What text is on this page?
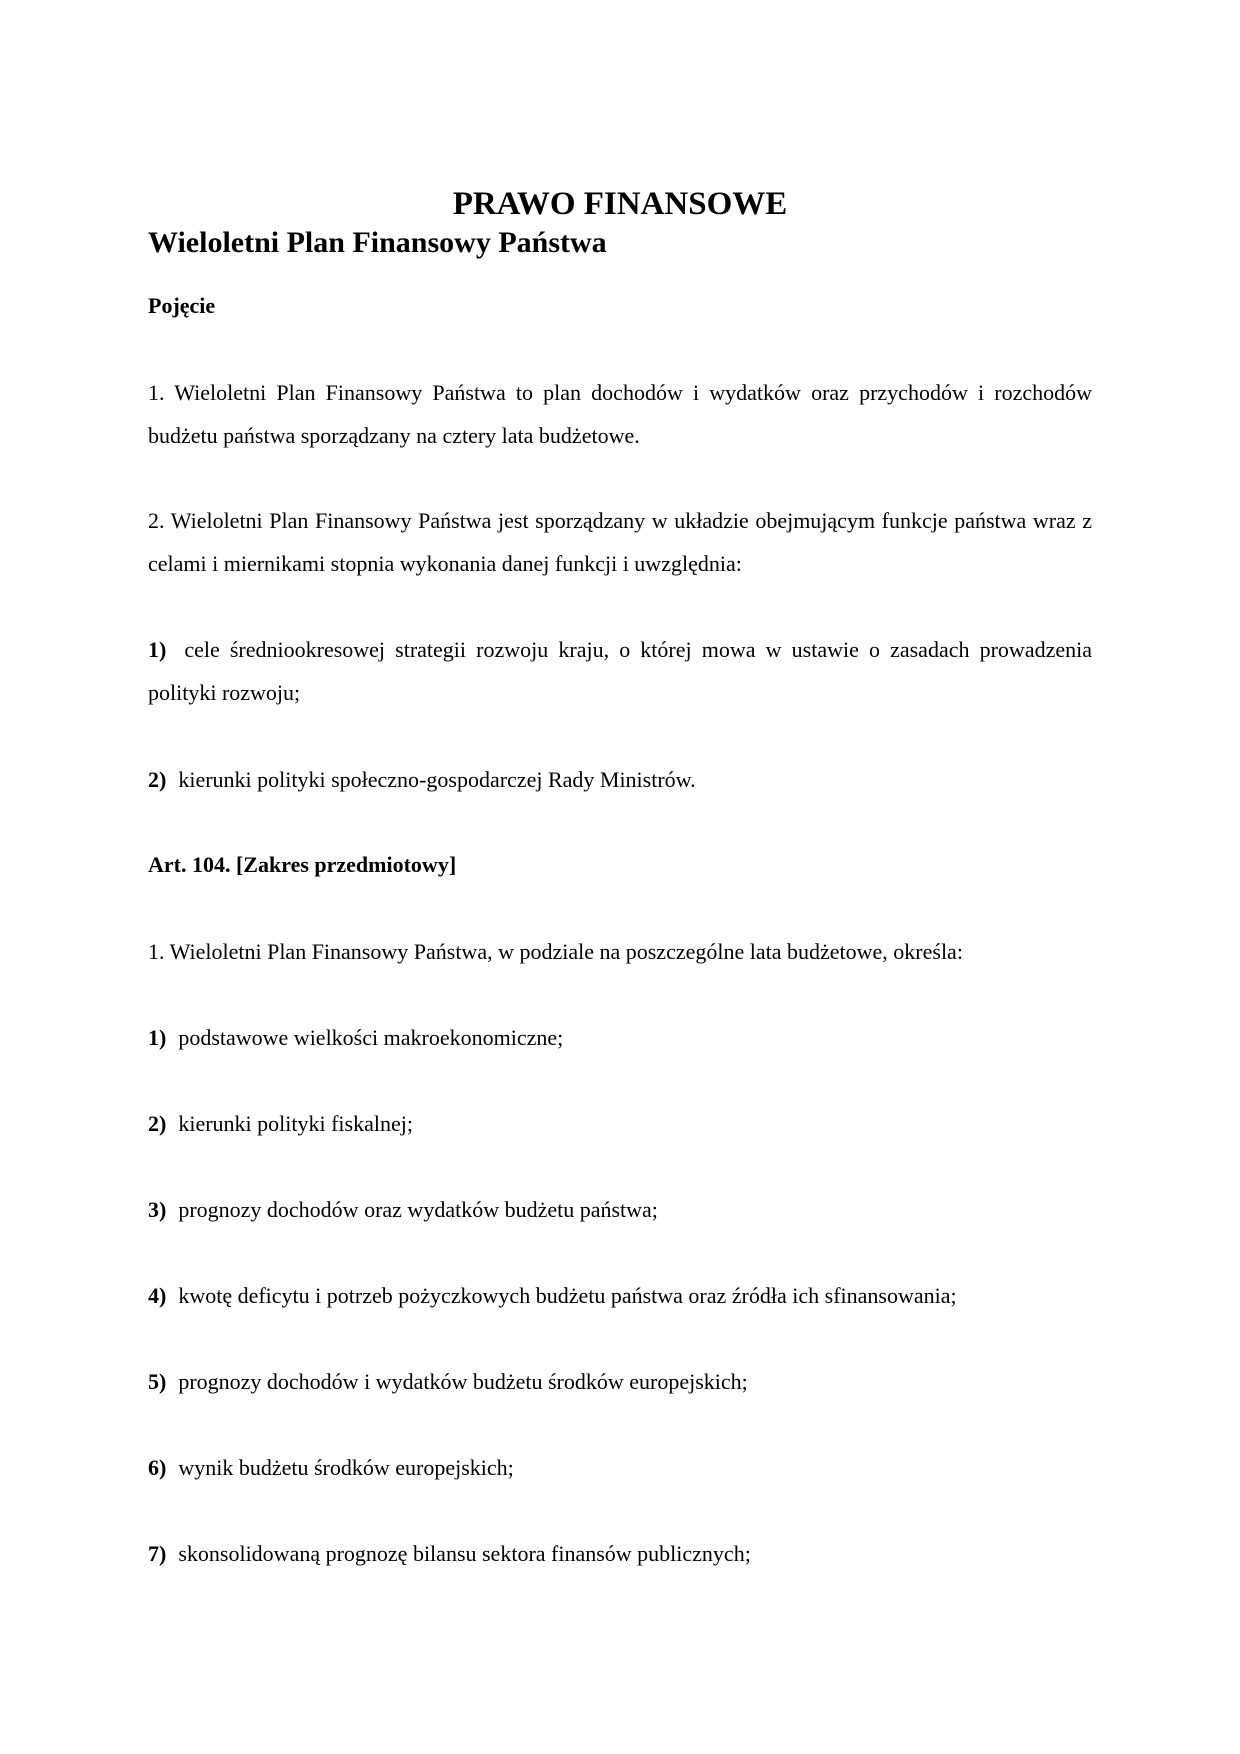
PRAWO FINANSOWE
Wieloletni Plan Finansowy Państwa
Pojęcie

1. Wieloletni Plan Finansowy Państwa to plan dochodów i wydatków oraz przychodów i rozchodów budżetu państwa sporządzany na cztery lata budżetowe.

2. Wieloletni Plan Finansowy Państwa jest sporządzany w układzie obejmującym funkcje państwa wraz z celami i miernikami stopnia wykonania danej funkcji i uwzględnia:

1) cele średniookresowej strategii rozwoju kraju, o której mowa w ustawie o zasadach prowadzenia polityki rozwoju;

2) kierunki polityki społeczno-gospodarczej Rady Ministrów.
Art. 104. [Zakres przedmiotowy]
1. Wieloletni Plan Finansowy Państwa, w podziale na poszczególne lata budżetowe, określa:
1) podstawowe wielkości makroekonomiczne;
2) kierunki polityki fiskalnej;
3) prognozy dochodów oraz wydatków budżetu państwa;
4) kwotę deficytu i potrzeb pożyczkowych budżetu państwa oraz źródła ich sfinansowania;
5) prognozy dochodów i wydatków budżetu środków europejskich;
6) wynik budżetu środków europejskich;
7) skonsolidowaną prognozę bilansu sektora finansów publicznych;
